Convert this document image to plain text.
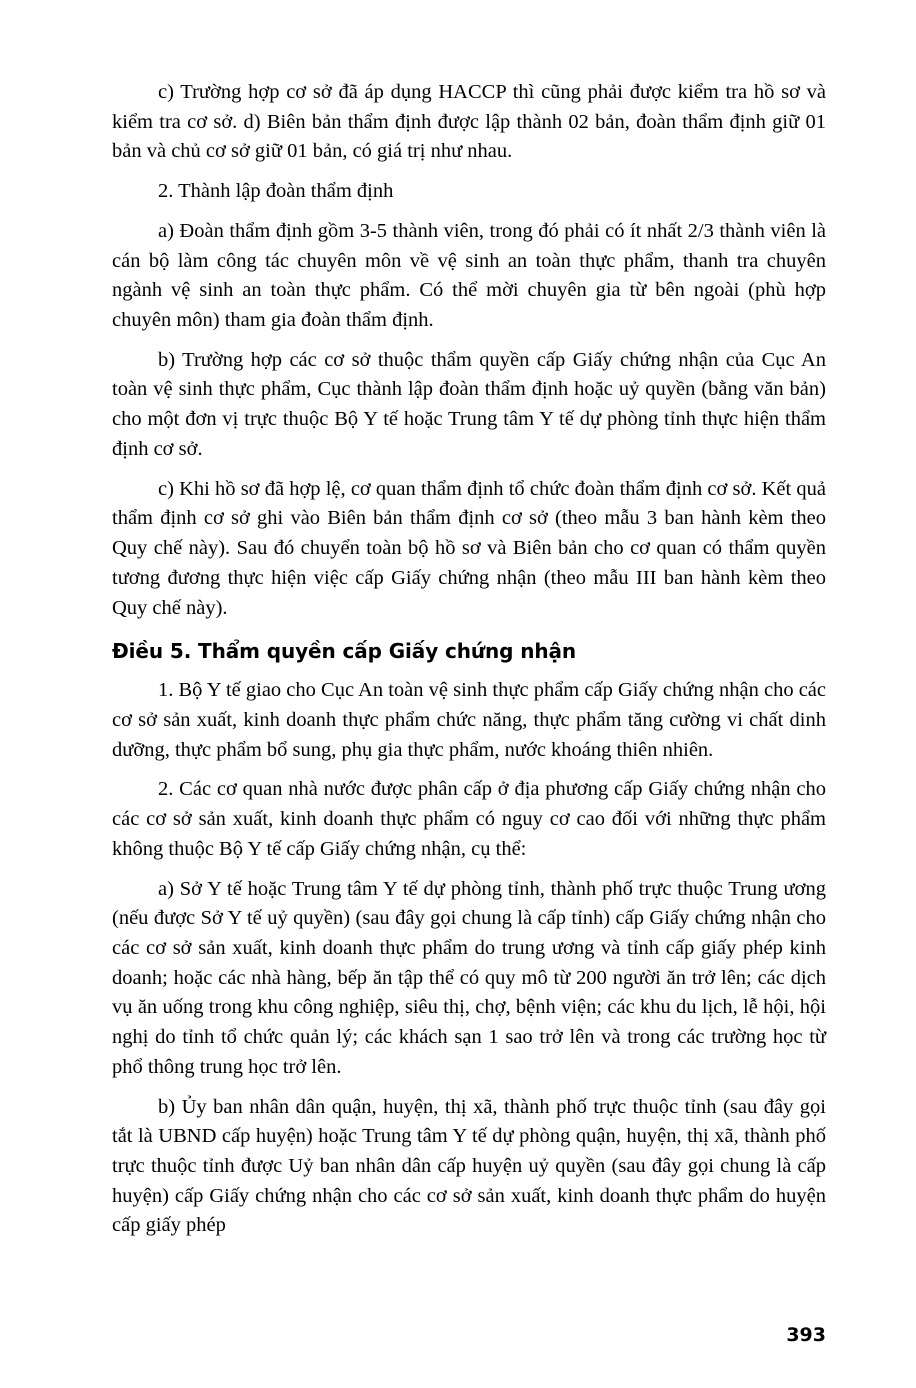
c) Trường hợp cơ sở đã áp dụng HACCP thì cũng phải được kiểm tra hồ sơ và kiểm tra cơ sở. d) Biên bản thẩm định được lập thành 02 bản, đoàn thẩm định giữ 01 bản và chủ cơ sở giữ 01 bản, có giá trị như nhau.

2. Thành lập đoàn thẩm định

a) Đoàn thẩm định gồm 3-5 thành viên, trong đó phải có ít nhất 2/3 thành viên là cán bộ làm công tác chuyên môn về vệ sinh an toàn thực phẩm, thanh tra chuyên ngành vệ sinh an toàn thực phẩm. Có thể mời chuyên gia từ bên ngoài (phù hợp chuyên môn) tham gia đoàn thẩm định.

b) Trường hợp các cơ sở thuộc thẩm quyền cấp Giấy chứng nhận của Cục An toàn vệ sinh thực phẩm, Cục thành lập đoàn thẩm định hoặc uỷ quyền (bằng văn bản) cho một đơn vị trực thuộc Bộ Y tế hoặc Trung tâm Y tế dự phòng tỉnh thực hiện thẩm định cơ sở.

c) Khi hồ sơ đã hợp lệ, cơ quan thẩm định tổ chức đoàn thẩm định cơ sở. Kết quả thẩm định cơ sở ghi vào Biên bản thẩm định cơ sở (theo mẫu 3 ban hành kèm theo Quy chế này). Sau đó chuyển toàn bộ hồ sơ và Biên bản cho cơ quan có thẩm quyền tương đương thực hiện việc cấp Giấy chứng nhận (theo mẫu III ban hành kèm theo Quy chế này).

Điều 5. Thẩm quyền cấp Giấy chứng nhận

1. Bộ Y tế giao cho Cục An toàn vệ sinh thực phẩm cấp Giấy chứng nhận cho các cơ sở sản xuất, kinh doanh thực phẩm chức năng, thực phẩm tăng cường vi chất dinh dưỡng, thực phẩm bổ sung, phụ gia thực phẩm, nước khoáng thiên nhiên.

2. Các cơ quan nhà nước được phân cấp ở địa phương cấp Giấy chứng nhận cho các cơ sở sản xuất, kinh doanh thực phẩm có nguy cơ cao đối với những thực phẩm không thuộc Bộ Y tế cấp Giấy chứng nhận, cụ thể:

a) Sở Y tế hoặc Trung tâm Y tế dự phòng tỉnh, thành phố trực thuộc Trung ương (nếu được Sở Y tế uỷ quyền) (sau đây gọi chung là cấp tỉnh) cấp Giấy chứng nhận cho các cơ sở sản xuất, kinh doanh thực phẩm do trung ương và tỉnh cấp giấy phép kinh doanh; hoặc các nhà hàng, bếp ăn tập thể có quy mô từ 200 người ăn trở lên; các dịch vụ ăn uống trong khu công nghiệp, siêu thị, chợ, bệnh viện; các khu du lịch, lễ hội, hội nghị do tỉnh tổ chức quản lý; các khách sạn 1 sao trở lên và trong các trường học từ phổ thông trung học trở lên.

b) Ủy ban nhân dân quận, huyện, thị xã, thành phố trực thuộc tỉnh (sau đây gọi tắt là UBND cấp huyện) hoặc Trung tâm Y tế dự phòng quận, huyện, thị xã, thành phố trực thuộc tỉnh được Uỷ ban nhân dân cấp huyện uỷ quyền (sau đây gọi chung là cấp huyện) cấp Giấy chứng nhận cho các cơ sở sản xuất, kinh doanh thực phẩm do huyện cấp giấy phép

393
